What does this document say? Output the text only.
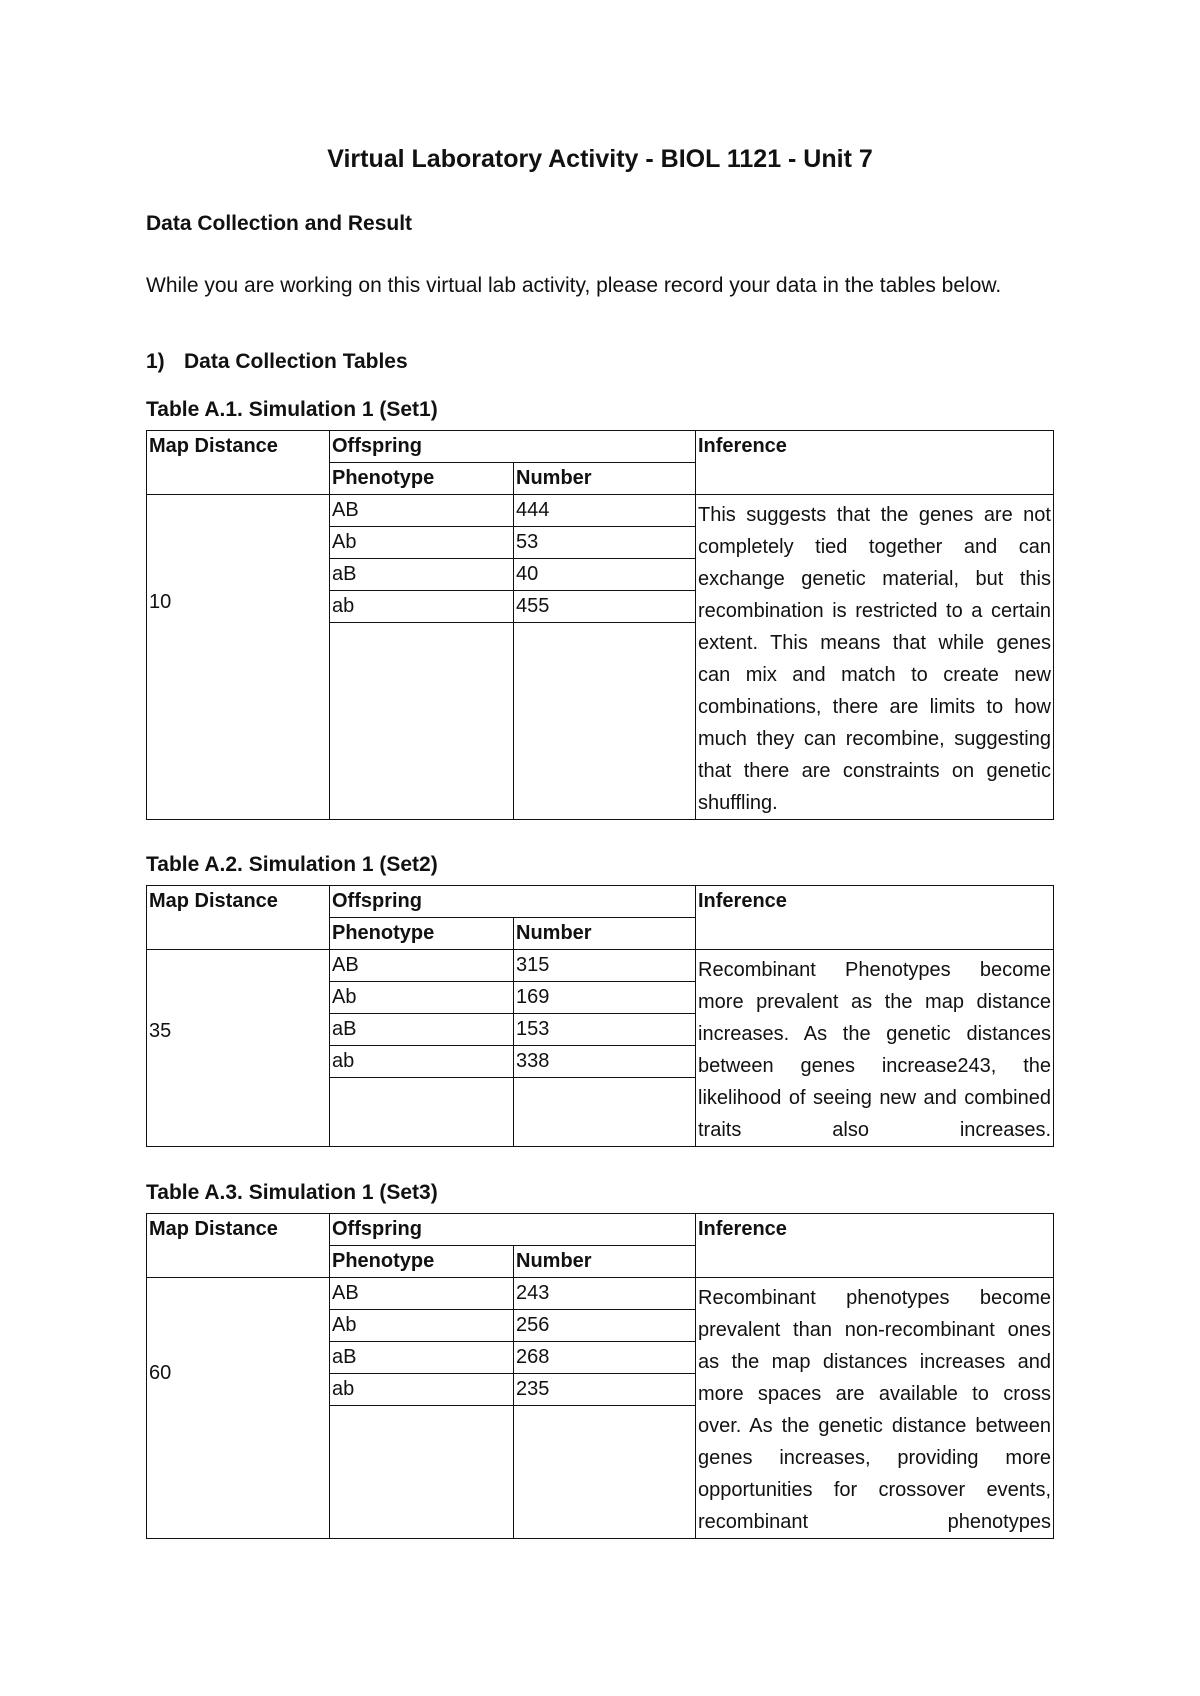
Virtual Laboratory Activity - BIOL 1121 - Unit 7
Data Collection and Result

While you are working on this virtual lab activity, please record your data in the tables below.

1) Data Collection Tables
Table A.1. Simulation 1 (Set1)
Map Distance	Offspring		Inference
	Phenotype	Number	
10	AB	444	This suggests that the genes are not completely tied together and can exchange genetic material, but this recombination is restricted to a certain extent. This means that while genes can mix and match to create new combinations, there are limits to how much they can recombine, suggesting that there are constraints on genetic shuffling.
	Ab	53	
	aB	40	
	ab	455	

Table A.2. Simulation 1 (Set2)
Map Distance	Offspring		Inference
	Phenotype	Number	
35	AB	315	Recombinant Phenotypes become more prevalent as the map distance increases. As the genetic distances between genes increase243, the likelihood of seeing new and combined traits also increases.
	Ab	169	
	aB	153	
	ab	338	

Table A.3. Simulation 1 (Set3)
Map Distance	Offspring		Inference
	Phenotype	Number	
60	AB	243	Recombinant phenotypes become prevalent than non-recombinant ones as the map distances increases and more spaces are available to cross over. As the genetic distance between genes increases, providing more opportunities for crossover events, recombinant phenotypes
	Ab	256	
	aB	268	
	ab	235	
